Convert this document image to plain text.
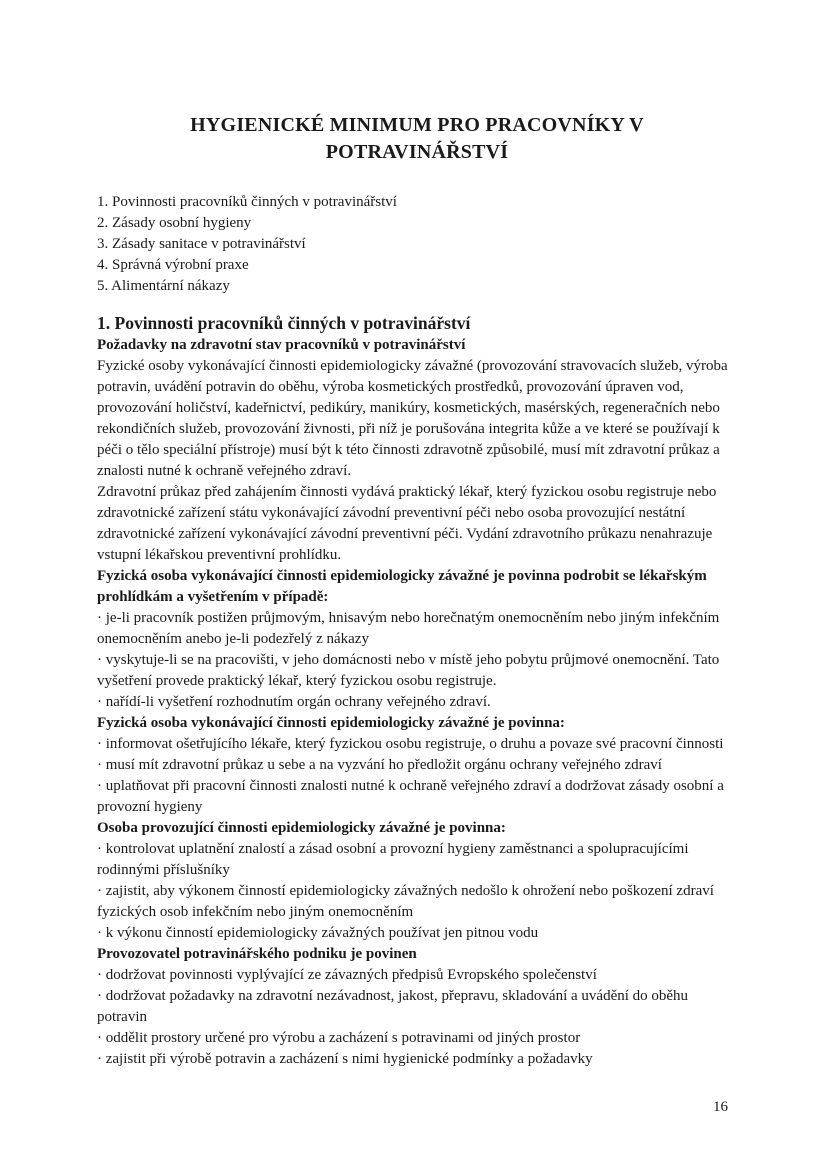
HYGIENICKÉ MINIMUM PRO PRACOVNÍKY V POTRAVINÁŘSTVÍ

1. Povinnosti pracovníků činných v potravinářství

2. Zásady osobní hygieny

3. Zásady sanitace v potravinářství

4. Správná výrobní praxe

5. Alimentární nákazy

1. Povinnosti pracovníků činných v potravinářství

Požadavky na zdravotní stav pracovníků v potravinářství

Fyzické osoby vykonávající činnosti epidemiologicky závažné (provozování stravovacích služeb, výroba potravin, uvádění potravin do oběhu, výroba kosmetických prostředků, provozování úpraven vod, provozování holičství, kadeřnictví, pedikúry, manikúry, kosmetických, masérských, regeneračních nebo rekondičních služeb, provozování živnosti, při níž je porušována integrita kůže a ve které se používají k péči o tělo speciální přístroje) musí být k této činnosti zdravotně způsobilé, musí mít zdravotní průkaz a znalosti nutné k ochraně veřejného zdraví.

Zdravotní průkaz před zahájením činnosti vydává praktický lékař, který fyzickou osobu registruje nebo zdravotnické zařízení státu vykonávající závodní preventivní péči nebo osoba provozující nestátní zdravotnické zařízení vykonávající závodní preventivní péči. Vydání zdravotního průkazu nenahrazuje vstupní lékařskou preventivní prohlídku.

Fyzická osoba vykonávající činnosti epidemiologicky závažné je povinna podrobit se lékařským prohlídkám a vyšetřením v případě:

· je-li pracovník postižen průjmovým, hnisavým nebo horečnatým onemocněním nebo jiným infekčním onemocněním anebo je-li podezřelý z nákazy

· vyskytuje-li se na pracovišti, v jeho domácnosti nebo v místě jeho pobytu průjmové onemocnění. Tato vyšetření provede praktický lékař, který fyzickou osobu registruje.

· nařídí-li vyšetření rozhodnutím orgán ochrany veřejného zdraví.

Fyzická osoba vykonávající činnosti epidemiologicky závažné je povinna:

· informovat ošetřujícího lékaře, který fyzickou osobu registruje, o druhu a povaze své pracovní činnosti

· musí mít zdravotní průkaz u sebe a na vyzvání ho předložit orgánu ochrany veřejného zdraví

· uplatňovat při pracovní činnosti znalosti nutné k ochraně veřejného zdraví a dodržovat zásady osobní a provozní hygieny

Osoba provozující činnosti epidemiologicky závažné je povinna:

· kontrolovat uplatnění znalostí a zásad osobní a provozní hygieny zaměstnanci a spolupracujícími rodinnými příslušníky

· zajistit, aby výkonem činností epidemiologicky závažných nedošlo k ohrožení nebo poškození zdraví fyzických osob infekčním nebo jiným onemocněním

· k výkonu činností epidemiologicky závažných používat jen pitnou vodu

Provozovatel potravinářského podniku je povinen

· dodržovat povinnosti vyplývající ze závazných předpisů Evropského společenství

· dodržovat požadavky na zdravotní nezávadnost, jakost, přepravu, skladování a uvádění do oběhu potravin

· oddělit prostory určené pro výrobu a zacházení s potravinami od jiných prostor

· zajistit při výrobě potravin a zacházení s nimi hygienické podmínky a požadavky

16
